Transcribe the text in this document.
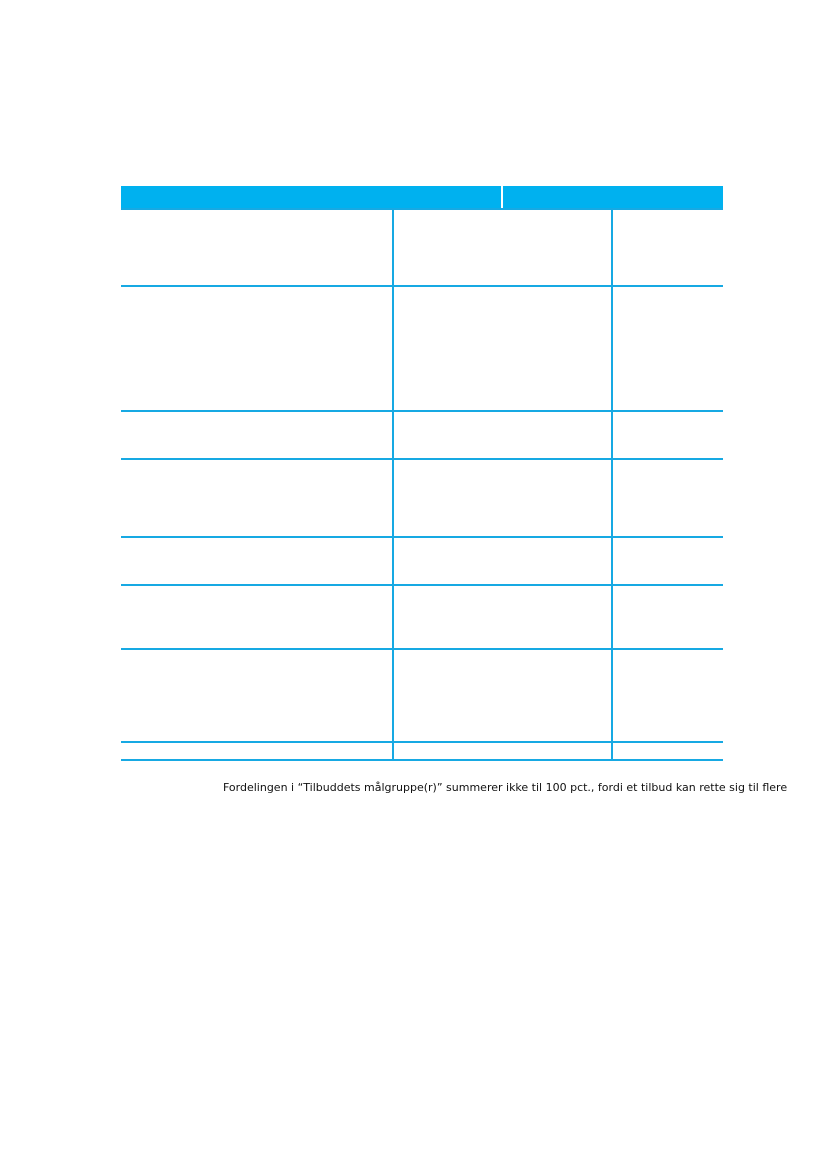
Fordelingen i “Tilbuddets målgruppe(r)” summerer ikke til 100 pct., fordi et tilbud kan rette sig til flere
